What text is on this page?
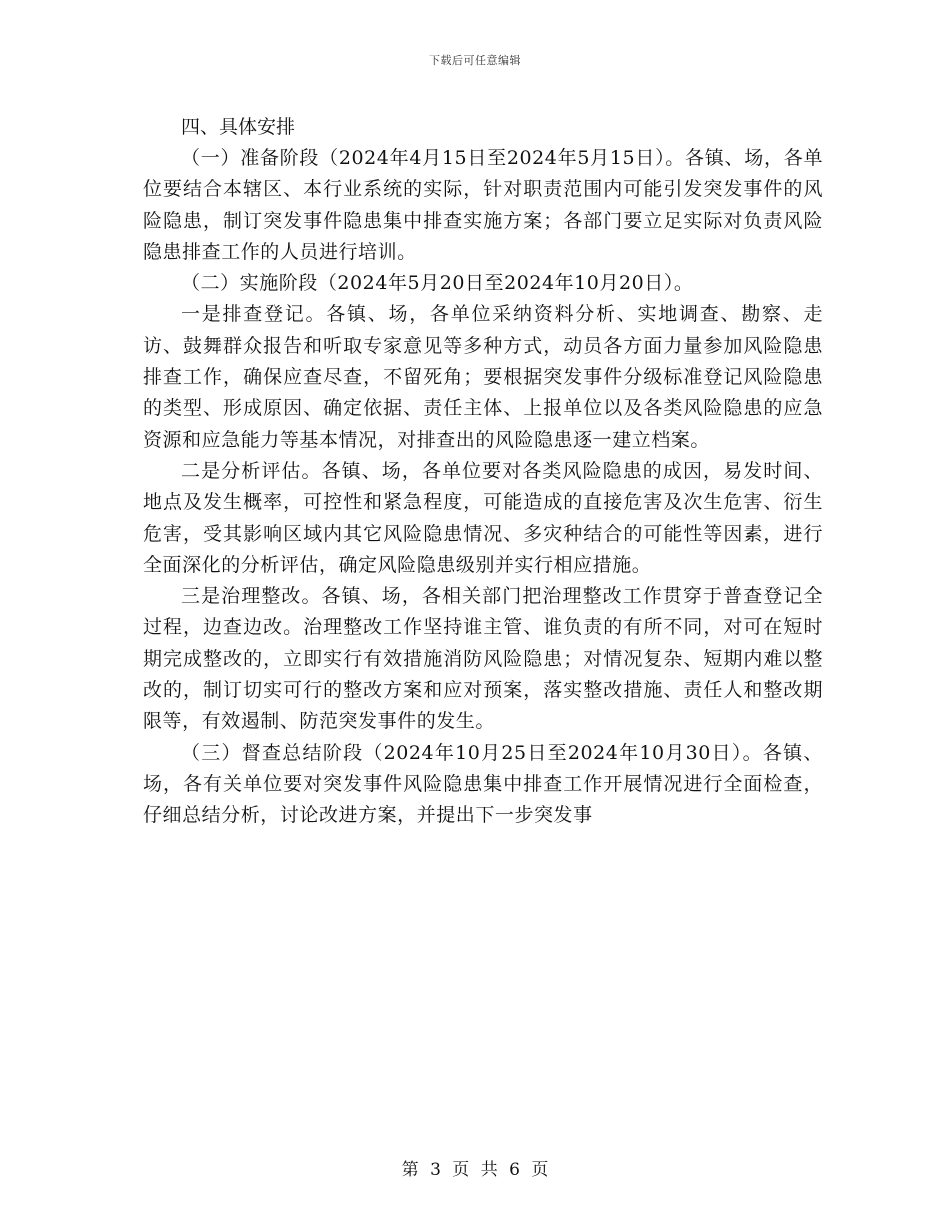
下载后可任意编辑

四、具体安排

（一）准备阶段（2024年4月15日至2024年5月15日）。各镇、场，各单位要结合本辖区、本行业系统的实际，针对职责范围内可能引发突发事件的风险隐患，制订突发事件隐患集中排查实施方案；各部门要立足实际对负责风险隐患排查工作的人员进行培训。

（二）实施阶段（2024年5月20日至2024年10月20日）。

一是排查登记。各镇、场，各单位采纳资料分析、实地调查、勘察、走访、鼓舞群众报告和听取专家意见等多种方式，动员各方面力量参加风险隐患排查工作，确保应查尽查，不留死角；要根据突发事件分级标准登记风险隐患的类型、形成原因、确定依据、责任主体、上报单位以及各类风险隐患的应急资源和应急能力等基本情况，对排查出的风险隐患逐一建立档案。

二是分析评估。各镇、场，各单位要对各类风险隐患的成因，易发时间、地点及发生概率，可控性和紧急程度，可能造成的直接危害及次生危害、衍生危害，受其影响区域内其它风险隐患情况、多灾种结合的可能性等因素，进行全面深化的分析评估，确定风险隐患级别并实行相应措施。

三是治理整改。各镇、场，各相关部门把治理整改工作贯穿于普查登记全过程，边查边改。治理整改工作坚持谁主管、谁负责的有所不同，对可在短时期完成整改的，立即实行有效措施消防风险隐患；对情况复杂、短期内难以整改的，制订切实可行的整改方案和应对预案，落实整改措施、责任人和整改期限等，有效遏制、防范突发事件的发生。

（三）督查总结阶段（2024年10月25日至2024年10月30日）。各镇、场，各有关单位要对突发事件风险隐患集中排查工作开展情况进行全面检查，仔细总结分析，讨论改进方案，并提出下一步突发事

第 3 页 共 6 页
